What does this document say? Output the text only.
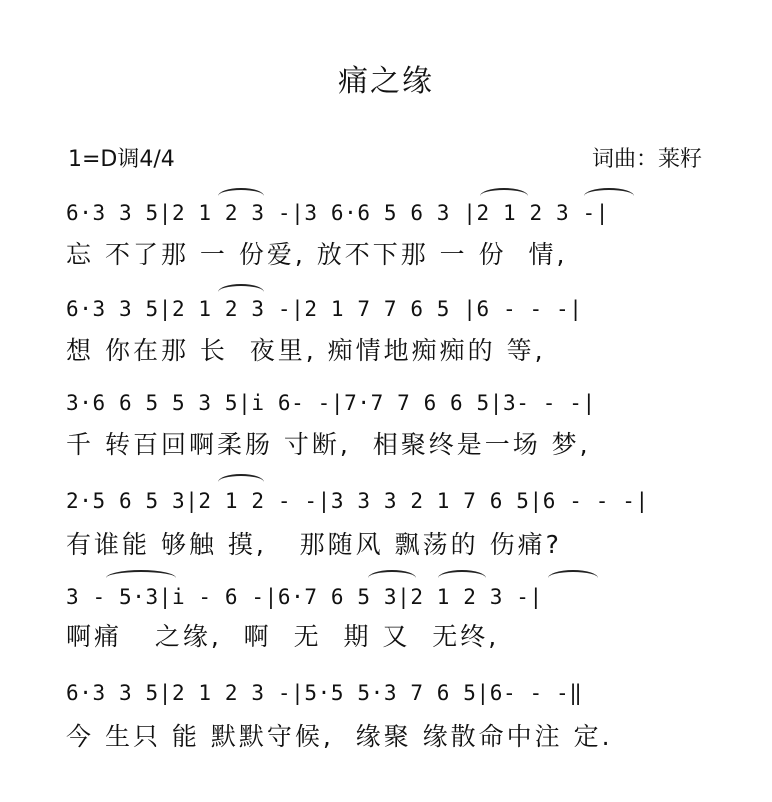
痛之缘
1=D调4/4	词曲：莱籽
6·3 3 5|2 1 2 3 -|3 6·6 5 6 3 |2 1 2 3 -|
忘 不了那 一 份爱, 放不下那 一 份  情,
6·3 3 5|2 1 2 3 -|2 1 7 7 6 5 |6 - - -|
想 你在那 长  夜里, 痴情地痴痴的 等,
3·6 6 5 5 3 5|i 6- -|7·7 7 6 6 5|3- - -|
千 转百回啊柔肠 寸断,  相聚终是一场 梦,
2·5 6 5 3|2 1 2 - -|3 3 3 2 1 7 6 5|6 - - -|
有谁能 够触 摸,   那随风 飘荡的 伤痛?
3 - 5·3|i - 6 -|6·7 6 5 3|2 1 2 3 -|
啊痛   之缘,  啊  无  期 又  无终,
6·3 3 5|2 1 2 3 -|5·5 5·3 7 6 5|6- - -‖
今 生只 能 默默守候,  缘聚 缘散命中注 定.
